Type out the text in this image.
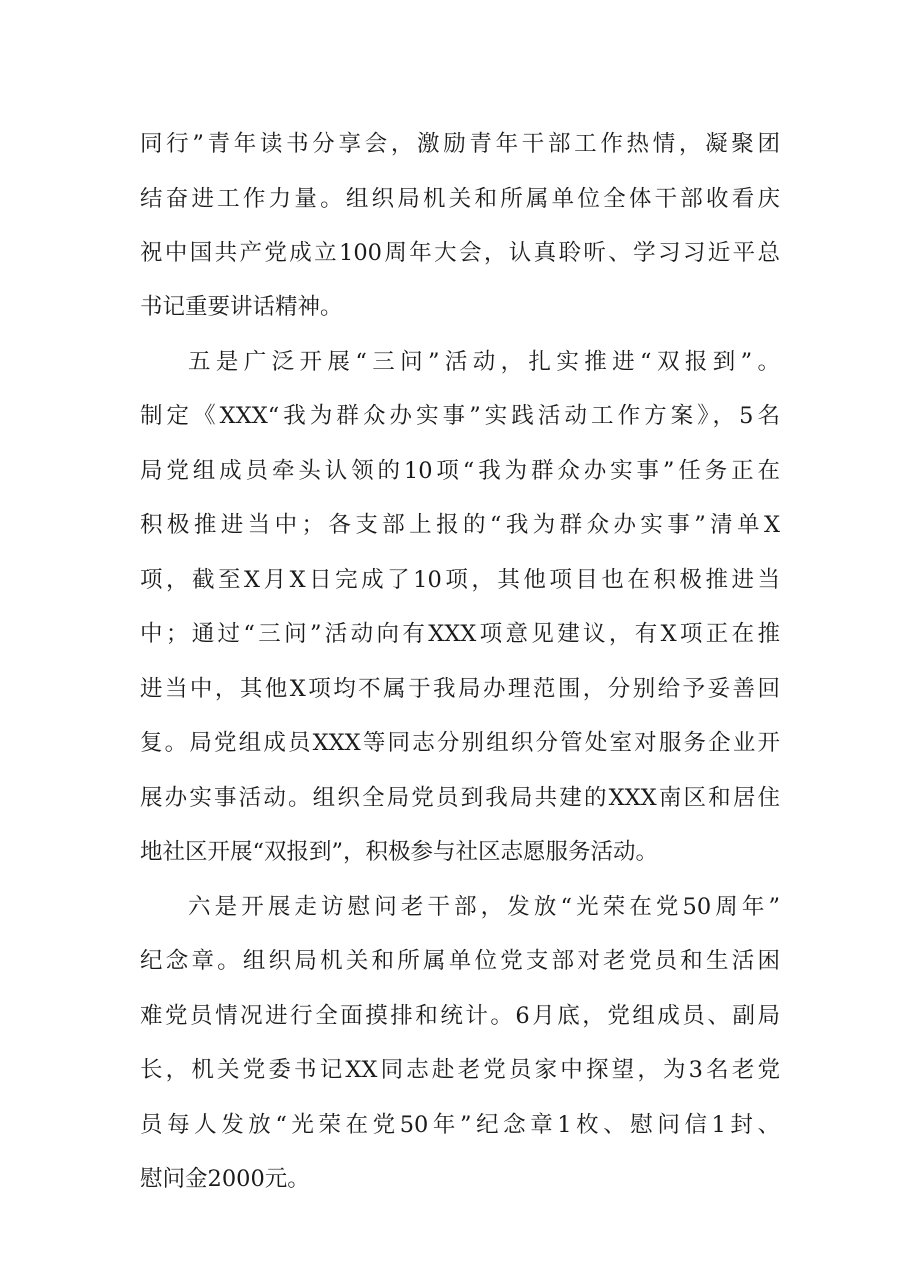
同行”青年读书分享会，激励青年干部工作热情，凝聚团
结奋进工作力量。组织局机关和所属单位全体干部收看庆
祝中国共产党成立100周年大会，认真聆听、学习习近平总
书记重要讲话精神。
五是广泛开展“三问”活动，扎实推进“双报到”。
制定《XXX“我为群众办实事”实践活动工作方案》，5名
局党组成员牵头认领的10项“我为群众办实事”任务正在
积极推进当中；各支部上报的“我为群众办实事”清单X
项，截至X月X日完成了10项，其他项目也在积极推进当
中；通过“三问”活动向有XXX项意见建议，有X项正在推
进当中，其他X项均不属于我局办理范围，分别给予妥善回
复。局党组成员XXX等同志分别组织分管处室对服务企业开
展办实事活动。组织全局党员到我局共建的XXX南区和居住
地社区开展“双报到”，积极参与社区志愿服务活动。
六是开展走访慰问老干部，发放“光荣在党50周年”
纪念章。组织局机关和所属单位党支部对老党员和生活困
难党员情况进行全面摸排和统计。6月底，党组成员、副局
长，机关党委书记XX同志赴老党员家中探望，为3名老党
员每人发放“光荣在党50年”纪念章1枚、慰问信1封、
慰问金2000元。
